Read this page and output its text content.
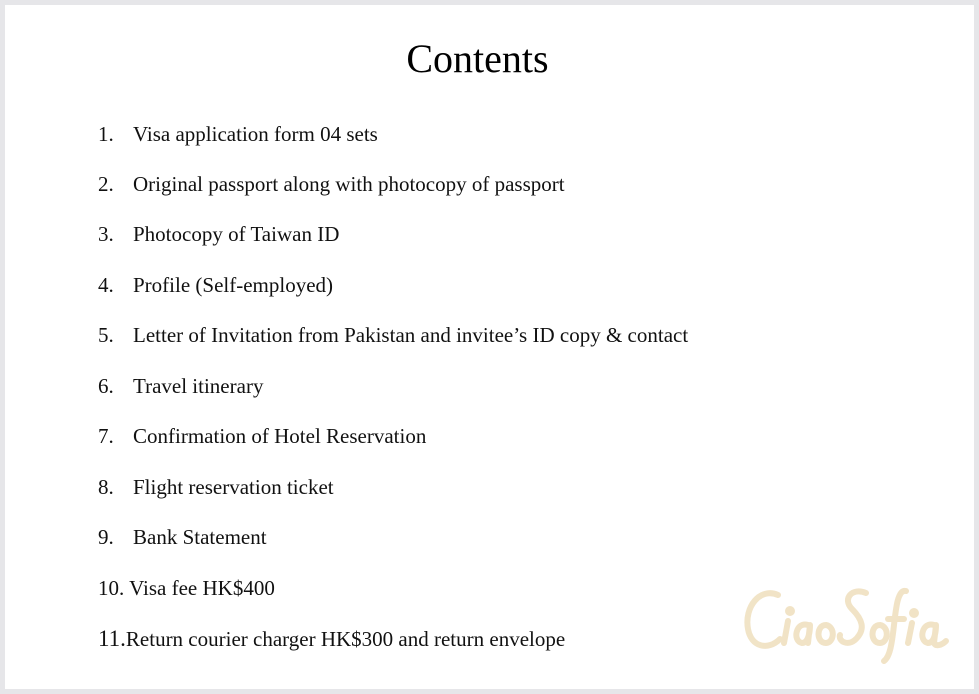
Contents
1. Visa application form 04 sets
2. Original passport along with photocopy of passport
3. Photocopy of Taiwan ID
4. Profile (Self-employed)
5. Letter of Invitation from Pakistan and invitee’s ID copy & contact
6. Travel itinerary
7. Confirmation of Hotel Reservation
8. Flight reservation ticket
9. Bank Statement
10. Visa fee HK$400
11.Return courier charger HK$300 and return envelope
